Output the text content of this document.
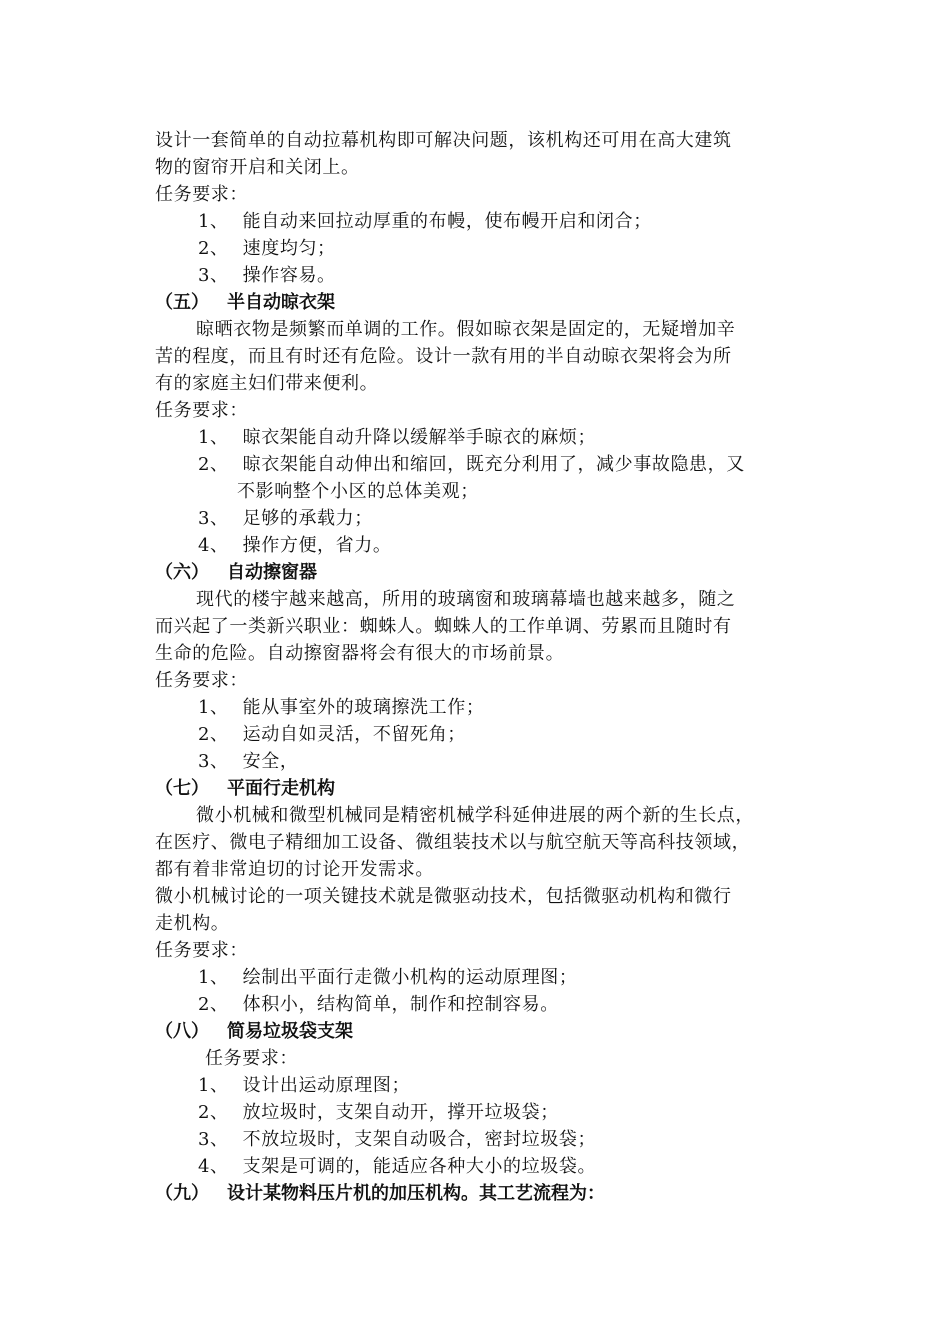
设计一套简单的自动拉幕机构即可解决问题，该机构还可用在高大建筑
物的窗帘开启和关闭上。
任务要求：
1、 能自动来回拉动厚重的布幔，使布幔开启和闭合；
2、 速度均匀；
3、 操作容易。
（五） 半自动晾衣架
晾晒衣物是频繁而单调的工作。假如晾衣架是固定的，无疑增加辛
苦的程度，而且有时还有危险。设计一款有用的半自动晾衣架将会为所
有的家庭主妇们带来便利。
任务要求：
1、 晾衣架能自动升降以缓解举手晾衣的麻烦；
2、 晾衣架能自动伸出和缩回，既充分利用了，减少事故隐患，又
不影响整个小区的总体美观；
3、 足够的承载力；
4、 操作方便，省力。
（六） 自动擦窗器
现代的楼宇越来越高，所用的玻璃窗和玻璃幕墙也越来越多，随之
而兴起了一类新兴职业：蜘蛛人。蜘蛛人的工作单调、劳累而且随时有
生命的危险。自动擦窗器将会有很大的市场前景。
任务要求：
1、 能从事室外的玻璃擦洗工作；
2、 运动自如灵活，不留死角；
3、 安全，
（七） 平面行走机构
微小机械和微型机械同是精密机械学科延伸进展的两个新的生长点，
在医疗、微电子精细加工设备、微组装技术以与航空航天等高科技领域，
都有着非常迫切的讨论开发需求。
微小机械讨论的一项关键技术就是微驱动技术，包括微驱动机构和微行
走机构。
任务要求：
1、 绘制出平面行走微小机构的运动原理图；
2、 体积小，结构简单，制作和控制容易。
（八） 简易垃圾袋支架
任务要求：
1、 设计出运动原理图；
2、 放垃圾时，支架自动开，撑开垃圾袋；
3、 不放垃圾时，支架自动吸合，密封垃圾袋；
4、 支架是可调的，能适应各种大小的垃圾袋。
（九） 设计某物料压片机的加压机构。其工艺流程为：
